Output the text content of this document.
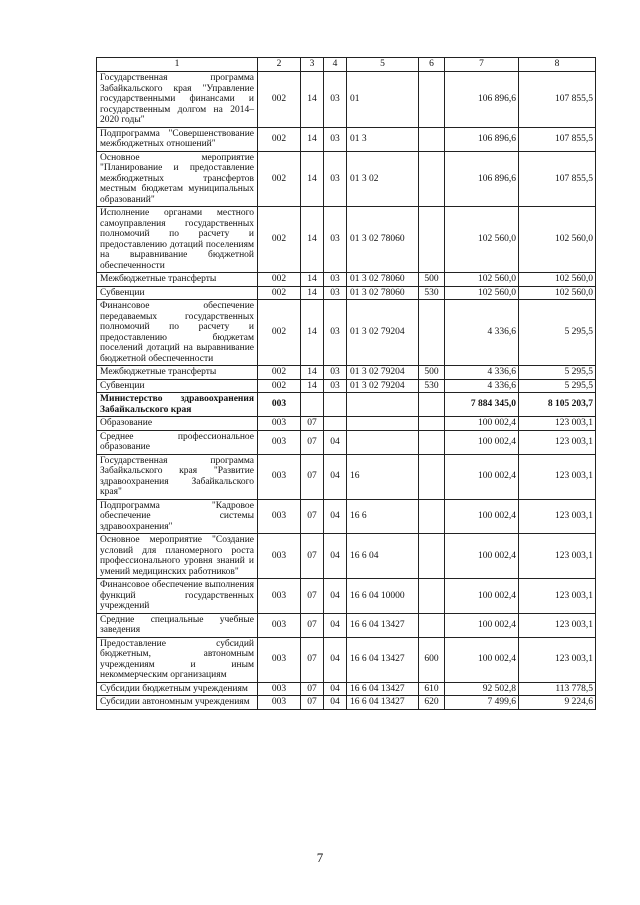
1	2	3	4	5	6	7	8
Государственная программа Забайкальского края "Управление государственными финансами и государственным долгом на 2014–2020 годы"	002	14	03	01		106 896,6	107 855,5
Подпрограмма "Совершенствование межбюджетных отношений"	002	14	03	01 3		106 896,6	107 855,5
Основное мероприятие "Планирование и предоставление межбюджетных трансфертов местным бюджетам муниципальных образований"	002	14	03	01 3 02		106 896,6	107 855,5
Исполнение органами местного самоуправления государственных полномочий по расчету и предоставлению дотаций поселениям на выравнивание бюджетной обеспеченности	002	14	03	01 3 02 78060		102 560,0	102 560,0
Межбюджетные трансферты	002	14	03	01 3 02 78060	500	102 560,0	102 560,0
Субвенции	002	14	03	01 3 02 78060	530	102 560,0	102 560,0
Финансовое обеспечение передаваемых государственных полномочий по расчету и предоставлению бюджетам поселений дотаций на выравнивание бюджетной обеспеченности	002	14	03	01 3 02 79204		4 336,6	5 295,5
Межбюджетные трансферты	002	14	03	01 3 02 79204	500	4 336,6	5 295,5
Субвенции	002	14	03	01 3 02 79204	530	4 336,6	5 295,5
Министерство здравоохранения Забайкальского края	003					7 884 345,0	8 105 203,7
Образование	003	07				100 002,4	123 003,1
Среднее профессиональное образование	003	07	04			100 002,4	123 003,1
Государственная программа Забайкальского края "Развитие здравоохранения Забайкальского края"	003	07	04	16		100 002,4	123 003,1
Подпрограмма "Кадровое обеспечение системы здравоохранения"	003	07	04	16 6		100 002,4	123 003,1
Основное мероприятие "Создание условий для планомерного роста профессионального уровня знаний и умений медицинских работников"	003	07	04	16 6 04		100 002,4	123 003,1
Финансовое обеспечение выполнения функций государственных учреждений	003	07	04	16 6 04 10000		100 002,4	123 003,1
Средние специальные учебные заведения	003	07	04	16 6 04 13427		100 002,4	123 003,1
Предоставление субсидий бюджетным, автономным учреждениям и иным некоммерческим организациям	003	07	04	16 6 04 13427	600	100 002,4	123 003,1
Субсидии бюджетным учреждениям	003	07	04	16 6 04 13427	610	92 502,8	113 778,5
Субсидии автономным учреждениям	003	07	04	16 6 04 13427	620	7 499,6	9 224,6
7
